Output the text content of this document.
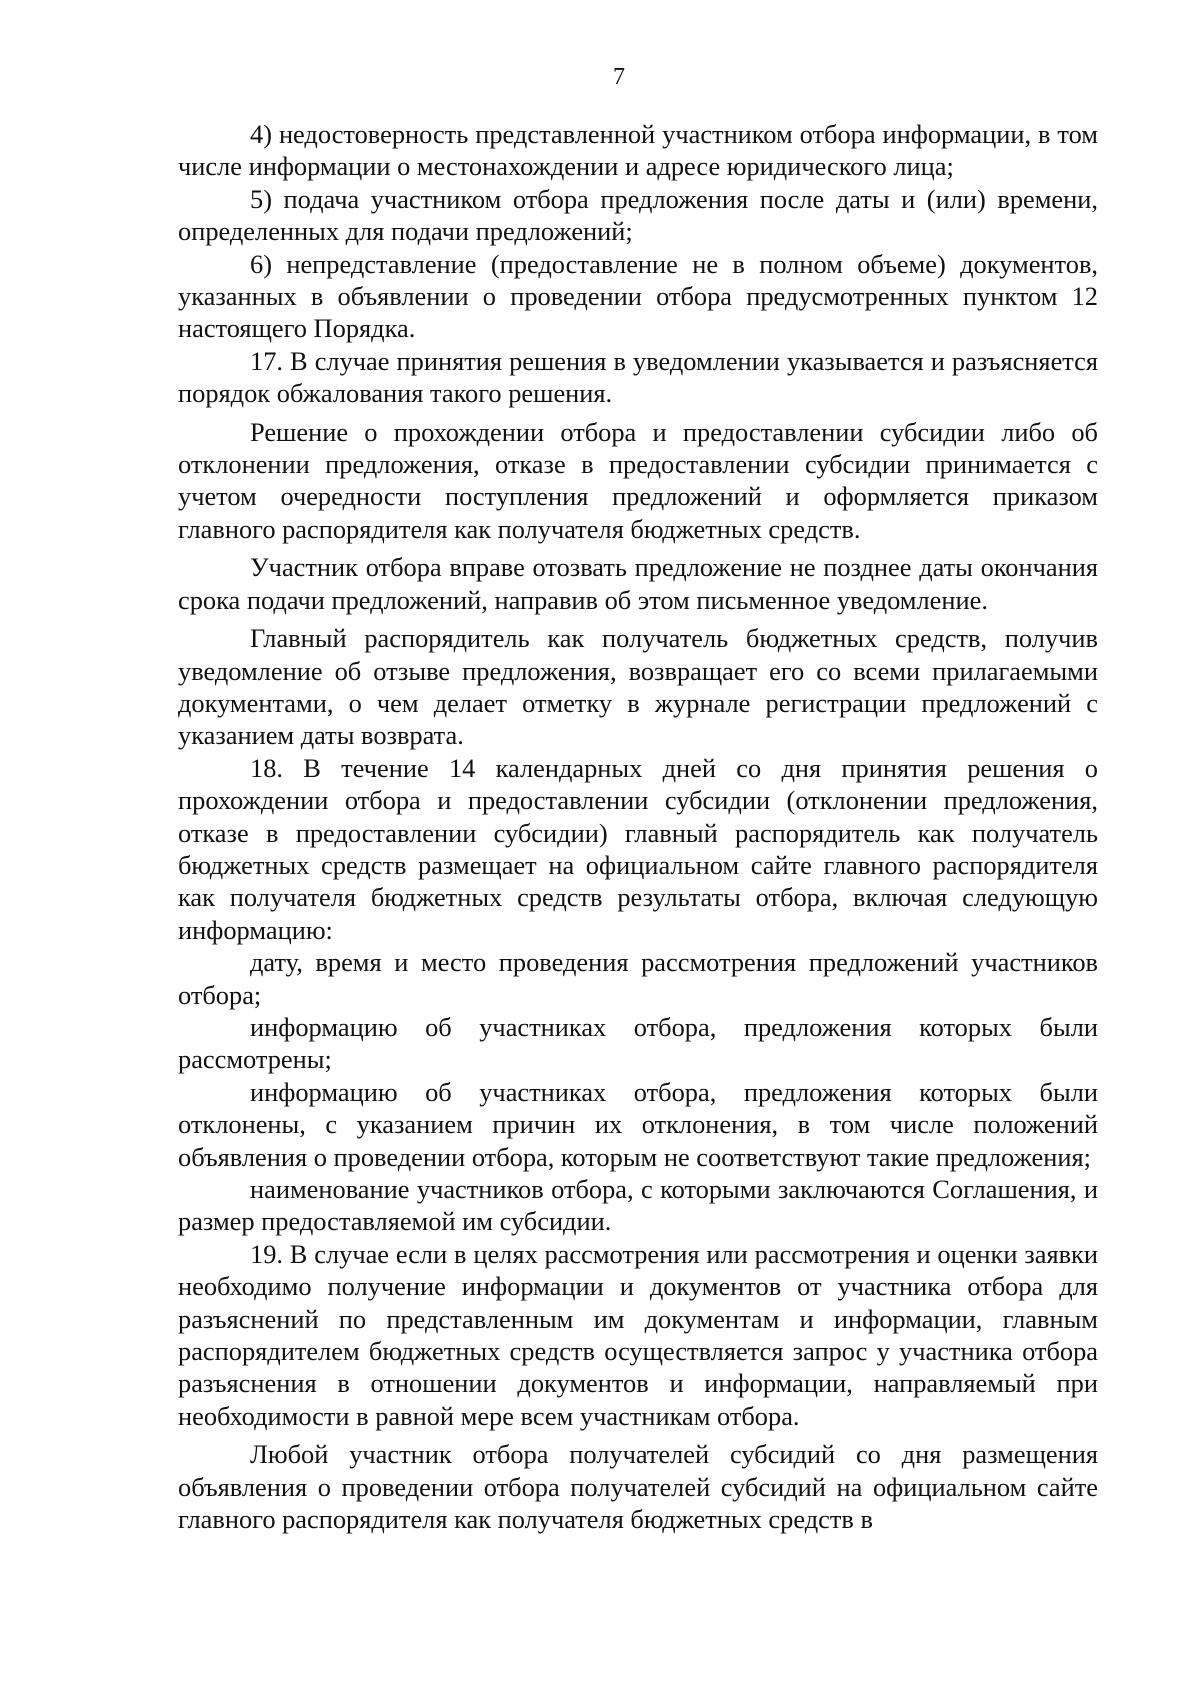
7

4) недостоверность представленной участником отбора информации, в том числе информации о местонахождении и адресе юридического лица;

5) подача участником отбора предложения после даты и (или) времени, определенных для подачи предложений;

6) непредставление (предоставление не в полном объеме) документов, указанных в объявлении о проведении отбора предусмотренных пунктом 12 настоящего Порядка.

17. В случае принятия решения в уведомлении указывается и разъясняется порядок обжалования такого решения.

Решение о прохождении отбора и предоставлении субсидии либо об отклонении предложения, отказе в предоставлении субсидии принимается с учетом очередности поступления предложений и оформляется приказом главного распорядителя как получателя бюджетных средств.

Участник отбора вправе отозвать предложение не позднее даты окончания срока подачи предложений, направив об этом письменное уведомление.

Главный распорядитель как получатель бюджетных средств, получив уведомление об отзыве предложения, возвращает его со всеми прилагаемыми документами, о чем делает отметку в журнале регистрации предложений с указанием даты возврата.

18. В течение 14 календарных дней со дня принятия решения о прохождении отбора и предоставлении субсидии (отклонении предложения, отказе в предоставлении субсидии) главный распорядитель как получатель бюджетных средств размещает на официальном сайте главного распорядителя как получателя бюджетных средств результаты отбора, включая следующую информацию:

дату, время и место проведения рассмотрения предложений участников отбора;

информацию об участниках отбора, предложения которых были рассмотрены;

информацию об участниках отбора, предложения которых были отклонены, с указанием причин их отклонения, в том числе положений объявления о проведении отбора, которым не соответствуют такие предложения;

наименование участников отбора, с которыми заключаются Соглашения, и размер предоставляемой им субсидии.

19. В случае если в целях рассмотрения или рассмотрения и оценки заявки необходимо получение информации и документов от участника отбора для разъяснений по представленным им документам и информации, главным распорядителем бюджетных средств осуществляется запрос у участника отбора разъяснения в отношении документов и информации, направляемый при необходимости в равной мере всем участникам отбора.

Любой участник отбора получателей субсидий со дня размещения объявления о проведении отбора получателей субсидий на официальном сайте главного распорядителя как получателя бюджетных средств в
